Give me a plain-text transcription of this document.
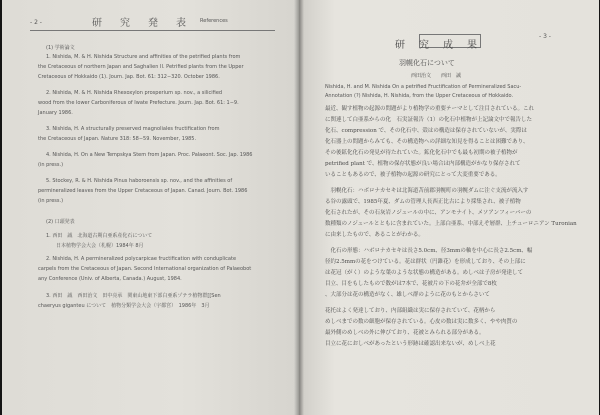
- 2 -	研　究　発　表 References
(1) 学術論文
1. Nishida, M. & H. Nishida Structure and affinities of the petrified plants from
the Cretaceous of northern Japan and Saghalien II. Petrified plants from the Upper
Cretaceous of Hokkaido (1). Journ. Jap. Bot. 61: 312−320. October 1986.
2. Nishida, M. & H. Nishida Rhexoxylon prosperium sp. nov., a silicified
wood from the lower Carboniferous of Iwate Prefecture. Journ. Jap. Bot. 61: 1−9.
January 1986.
3. Nishida, H. A structurally preserved magnoliales fructification from
the Cretaceous of Japan. Nature 318: 58−59. November, 1985.
4. Nishida, H. On a New Tempskya Stem from Japan. Proc. Palaeont. Soc. Jap. 1986
(in press.)
5. Stockey, R. & H. Nishida Pinus haboroensis sp. nov., and the affinities of
permineralized leaves from the Upper Cretaceous of Japan. Canad. Journ. Bot. 1986
(in press.)
(2) 口頭発表
1. 西田　誠　北海道古期白亜系産化石について
　　日本植物学会大会（札幌）1984年 8月
2. Nishida, H. A permineralized polycarpicae fructification with conduplicate
carpels from the Cretaceous of Japan. Second International organization of Palaeobot
any Conference (Univ. of Alberta, Canada.) August, 1984.
3. 西田　誠　西田治文　田中亮承　関東山地東下部白亜系ゾテラ植物群[[Sen
chaeryus giganteu について　植物分類学会大会（宇都宮）　1986年　3月
- 3 -
研　究　成　果
羽幌化石について
西田治文　　西田　誠
Nishida, H. and M. Nishida On a petrified Fructification of Permineralized Sacu-
Annotation (?) Nishida, H. Nishida, from the Upper Cretaceous of Hokkaido.
最近、観す植物の起源の問題がより植物学の重要テーマとして注目されている。これ
に関連して白亜系からの化　石実証報告（1）の化石中植物が上記論文中で報告した
化石、compression で、その化石中、殻はの構造は保存されていないが、実際は
化石器上の問題からみても、その構造物への詳細な知見を得ることは困難であり、
その後鉱化化石の発見が待たれていた。鉱化化石中でも最も初期の被子植物が
petrified plant で、植物の保存状態が良い場合は内部構造がかなり保存されて
いることもあるので、被子植物の起源の研究にとって大変重要である。
　羽幌化石：ハボロナカセキは北海道苫前郡羽幌町の羽幌ダムに注ぐ支流が流入す
る谷の露頭で、1985年夏、ダムの管理人長西正比古により採集され、被子植物
化石されたが、その石灰岩ノジュールの中に、アンモナイト、メソアンフィーバーの
数種類のノジュールとともに含まれていた。上部白亜系、中部えぞ層群、上チューロニアン Turonian
に由来したもので、あることがわかる。
　化石の形態：ハボロナカセキは長さ5.0cm、径3mmの軸を中心に長さ2.5cm、幅
径約2.5mmの花をつけている。花は群状（円錐花）を形成しており、その上部に
は花冠（がく）のような葉のような状態の構造がある。めしべは子房が発達して
目立、目をもしたもので数がは7本で、花被片の下の花弁が全部で8枚
、大部分は花の構造がなく、雄しべ群のように花のもとからさいて
花托はよく発達しており、内部組織は実に保存されていて、花柄から
めしべまでの数の細胞が保存されている。心皮の数は実に数多く、やや肉質の
最外側のめしべの外に伸びており、花被とみられる部分がある。
目立に花におしべがあったという形跡は確認出来ないが、めしべ上花
